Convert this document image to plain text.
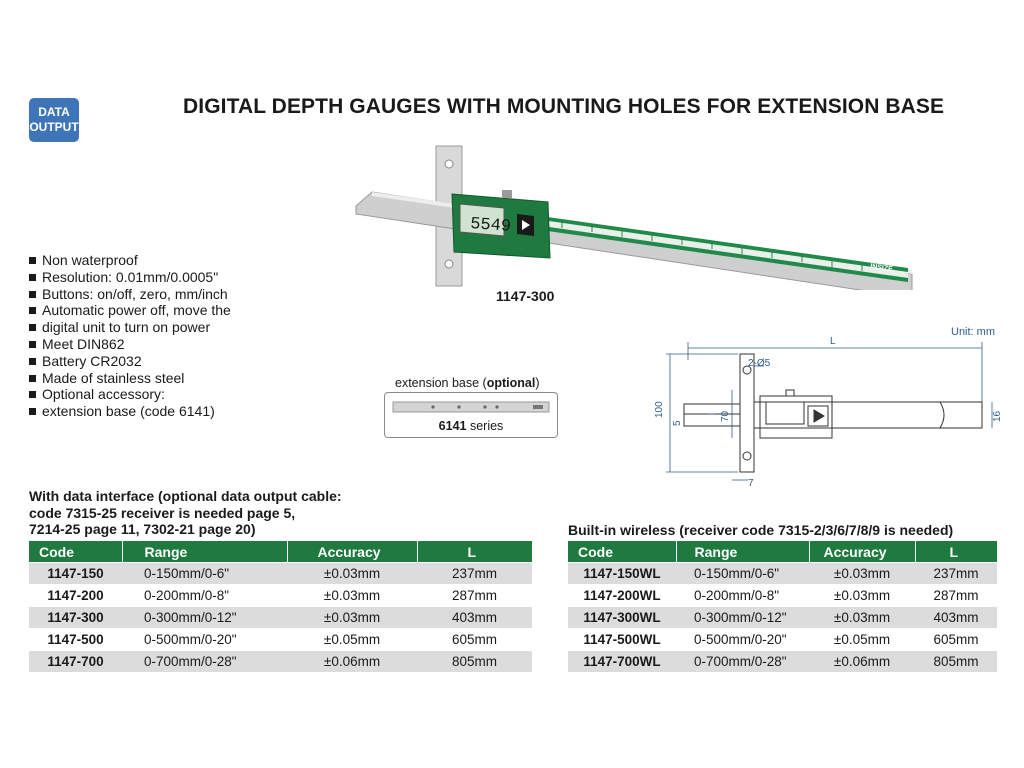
DATA
OUTPUT
DIGITAL DEPTH GAUGES WITH MOUNTING HOLES FOR EXTENSION BASE
INSIZE
5549
1147-300
Non waterproof
Resolution: 0.01mm/0.0005"
Buttons: on/off, zero, mm/inch
Automatic power off, move the
digital unit to turn on power
Meet DIN862
Battery CR2032
Made of stainless steel
Optional accessory:
extension base (code 6141)
extension base (optional)
6141 series
Unit: mm
L
2-Ø5
100
5
70	16
7
With data interface (optional data output cable:
code 7315-25 receiver is needed page 5,
7214-25 page 11, 7302-21 page 20)	Built-in wireless (receiver code 7315-2/3/6/7/8/9 is needed)
Code	Range	Accuracy	L
1147-150	0-150mm/0-6"	±0.03mm	237mm
1147-200	0-200mm/0-8"	±0.03mm	287mm
1147-300	0-300mm/0-12"	±0.03mm	403mm
1147-500	0-500mm/0-20"	±0.05mm	605mm
1147-700	0-700mm/0-28"	±0.06mm	805mm
Code	Range	Accuracy	L
1147-150WL	0-150mm/0-6"	±0.03mm	237mm
1147-200WL	0-200mm/0-8"	±0.03mm	287mm
1147-300WL	0-300mm/0-12"	±0.03mm	403mm
1147-500WL	0-500mm/0-20"	±0.05mm	605mm
1147-700WL	0-700mm/0-28"	±0.06mm	805mm
